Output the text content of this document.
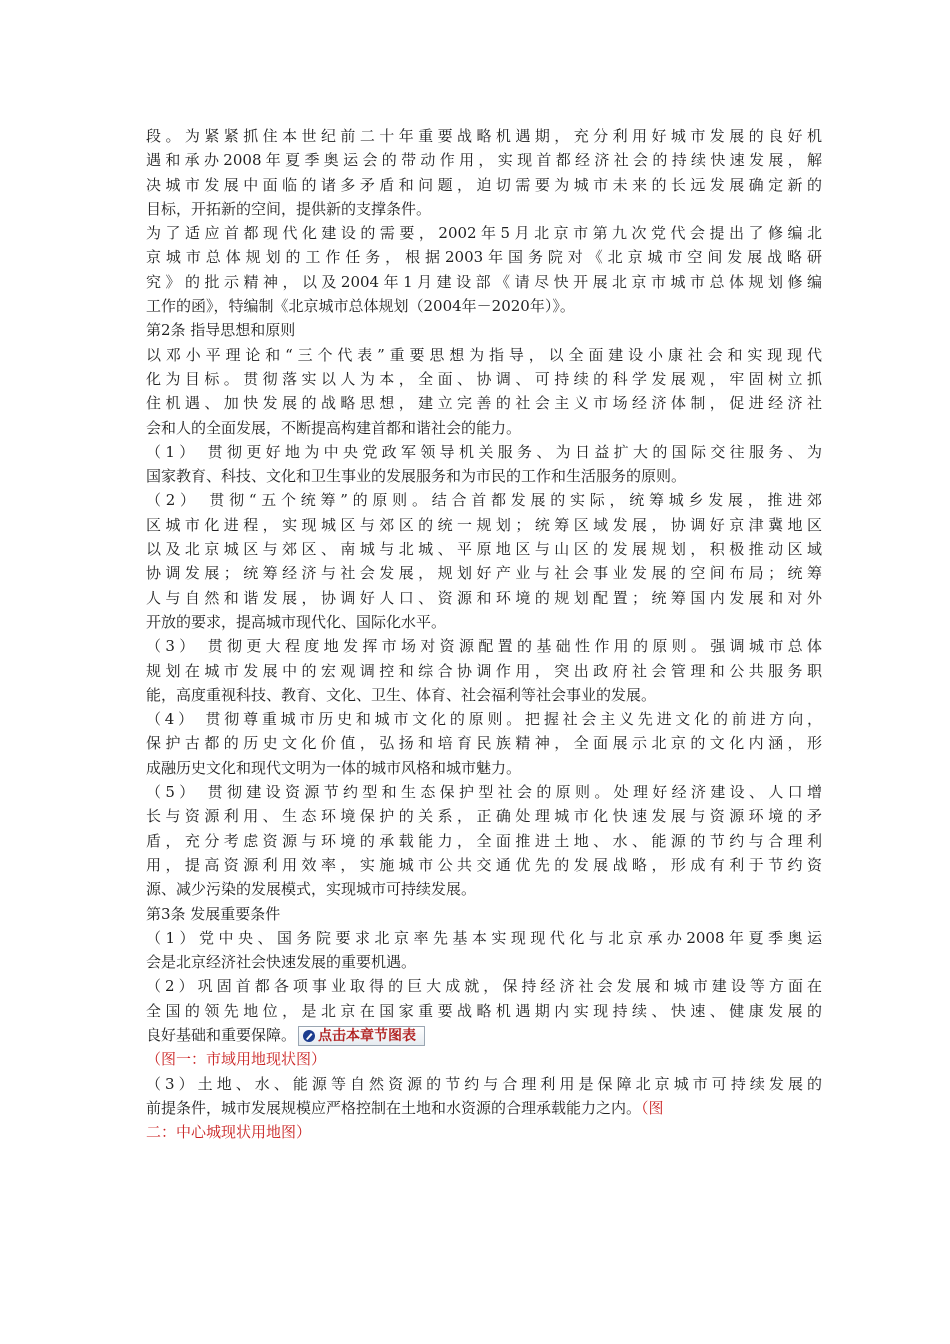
段。为紧紧抓住本世纪前二十年重要战略机遇期，充分利用好城市发展的良好机
遇和承办2008年夏季奥运会的带动作用，实现首都经济社会的持续快速发展，解
决城市发展中面临的诸多矛盾和问题，迫切需要为城市未来的长远发展确定新的
目标，开拓新的空间，提供新的支撑条件。
为了适应首都现代化建设的需要，2002年5月北京市第九次党代会提出了修编北
京城市总体规划的工作任务，根据2003年国务院对《北京城市空间发展战略研
究》的批示精神，以及2004年1月建设部《请尽快开展北京市城市总体规划修编
工作的函》，特编制《北京城市总体规划（2004年－2020年）》。
第2条 指导思想和原则
以邓小平理论和“三个代表”重要思想为指导，以全面建设小康社会和实现现代
化为目标。贯彻落实以人为本，全面、协调、可持续的科学发展观，牢固树立抓
住机遇、加快发展的战略思想，建立完善的社会主义市场经济体制，促进经济社
会和人的全面发展，不断提高构建首都和谐社会的能力。
（1） 贯彻更好地为中央党政军领导机关服务、为日益扩大的国际交往服务、为
国家教育、科技、文化和卫生事业的发展服务和为市民的工作和生活服务的原则。
（2） 贯彻“五个统筹”的原则。结合首都发展的实际，统筹城乡发展，推进郊
区城市化进程，实现城区与郊区的统一规划；统筹区域发展，协调好京津冀地区
以及北京城区与郊区、南城与北城、平原地区与山区的发展规划，积极推动区域
协调发展；统筹经济与社会发展，规划好产业与社会事业发展的空间布局；统筹
人与自然和谐发展，协调好人口、资源和环境的规划配置；统筹国内发展和对外
开放的要求，提高城市现代化、国际化水平。
（3） 贯彻更大程度地发挥市场对资源配置的基础性作用的原则。强调城市总体
规划在城市发展中的宏观调控和综合协调作用，突出政府社会管理和公共服务职
能，高度重视科技、教育、文化、卫生、体育、社会福利等社会事业的发展。
（4） 贯彻尊重城市历史和城市文化的原则。把握社会主义先进文化的前进方向，
保护古都的历史文化价值，弘扬和培育民族精神，全面展示北京的文化内涵，形
成融历史文化和现代文明为一体的城市风格和城市魅力。
（5） 贯彻建设资源节约型和生态保护型社会的原则。处理好经济建设、人口增
长与资源利用、生态环境保护的关系，正确处理城市化快速发展与资源环境的矛
盾，充分考虑资源与环境的承载能力，全面推进土地、水、能源的节约与合理利
用，提高资源利用效率，实施城市公共交通优先的发展战略，形成有利于节约资
源、减少污染的发展模式，实现城市可持续发展。
第3条 发展重要条件
（1）党中央、国务院要求北京率先基本实现现代化与北京承办2008年夏季奥运
会是北京经济社会快速发展的重要机遇。
（2）巩固首都各项事业取得的巨大成就，保持经济社会发展和城市建设等方面在
全国的领先地位，是北京在国家重要战略机遇期内实现持续、快速、健康发展的
良好基础和重要保障。 点击本章节图表
（图一：市域用地现状图）
（3）土地、水、能源等自然资源的节约与合理利用是保障北京城市可持续发展的
前提条件，城市发展规模应严格控制在土地和水资源的合理承载能力之内。（图
二：中心城现状用地图）
